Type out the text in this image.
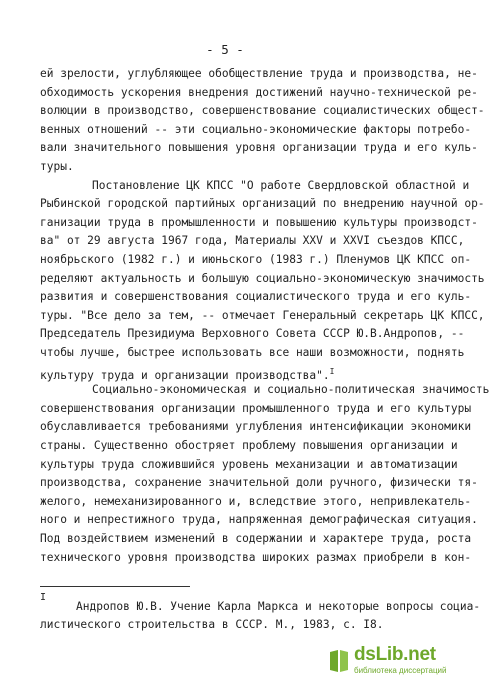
- 5 -
ей зрелости, углубляющее обобществление труда и производства, не-
обходимость ускорения внедрения достижений научно-технической ре-
волюции в производство, совершенствование социалистических общест-
венных отношений -- эти социально-экономические факторы потребо-
вали значительного повышения уровня организации труда и его куль-
туры.
Постановление ЦК КПСС "О работе Свердловской областной и
Рыбинской городской партийных организаций по внедрению научной ор-
ганизации труда в промышленности и повышению культуры производст-
ва" от 29 августа 1967 года, Материалы XXV и XXVI съездов КПСС,
ноябрьского (1982 г.) и июньского (1983 г.) Пленумов ЦК КПСС оп-
ределяют актуальность и большую социально-экономическую значимость
развития и совершенствования социалистического труда и его куль-
туры. "Все дело за тем, -- отмечает Генеральный секретарь ЦК КПСС,
Председатель Президиума Верховного Совета СССР Ю.В.Андропов, --
чтобы лучше, быстрее использовать все наши возможности, поднять
культуру труда и организации производства".$^I$
Социально-экономическая и социально-политическая значимость
совершенствования организации промышленного труда и его культуры
обуславливается требованиями углубления интенсификации экономики
страны. Существенно обостряет проблему повышения организации и
культуры труда сложившийся уровень механизации и автоматизации
производства, сохранение значительной доли ручного, физически тя-
желого, немеханизированного и, вследствие этого, непривлекатель-
ного и непрестижного труда, напряженная демографическая ситуация.
Под воздействием изменений в содержании и характере труда, роста
технического уровня производства широких размах приобрели в кон-
I
Андропов Ю.В. Учение Карла Маркса и некоторые вопросы социа-
листического строительства в СССР. М., 1983, с. I8.
dsLib.net
библиотека диссертаций
